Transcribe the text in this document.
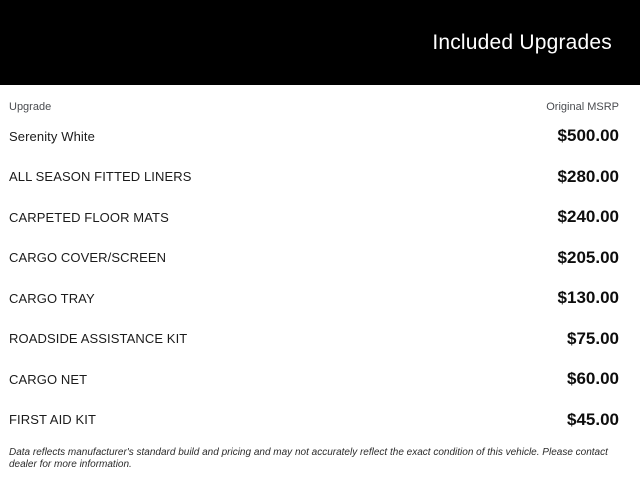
Included Upgrades
Upgrade	Original MSRP
Serenity White	$500.00
ALL SEASON FITTED LINERS	$280.00
CARPETED FLOOR MATS	$240.00
CARGO COVER/SCREEN	$205.00
CARGO TRAY	$130.00
ROADSIDE ASSISTANCE KIT	$75.00
CARGO NET	$60.00
FIRST AID KIT	$45.00
Data reflects manufacturer's standard build and pricing and may not accurately reflect the exact condition of this vehicle. Please contact dealer for more information.
